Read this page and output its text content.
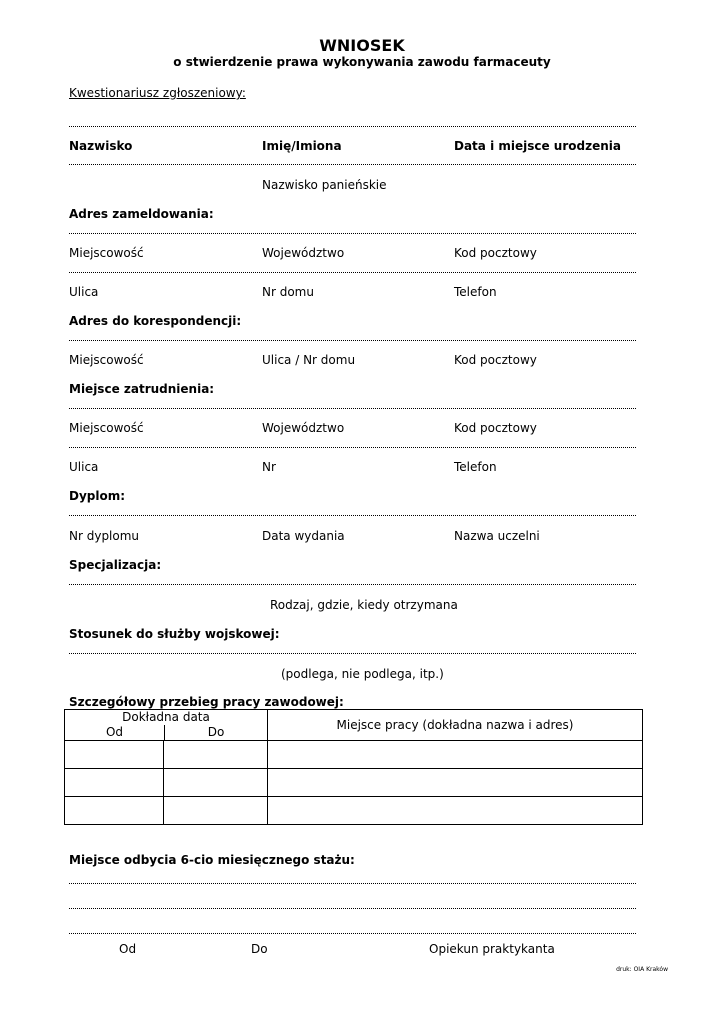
WNIOSEK
o stwierdzenie prawa wykonywania zawodu farmaceuty
Kwestionariusz zgłoszeniowy:
Nazwisko	Imię/Imiona	Data i miejsce urodzenia
Nazwisko panieńskie
Adres zameldowania:
Miejscowość	Województwo	Kod pocztowy
Ulica	Nr domu	Telefon
Adres do korespondencji:
Miejscowość	Ulica / Nr domu	Kod pocztowy
Miejsce zatrudnienia:
Miejscowość	Województwo	Kod pocztowy
Ulica	Nr	Telefon
Dyplom:
Nr dyplomu	Data wydania	Nazwa uczelni
Specjalizacja:
Rodzaj, gdzie, kiedy otrzymana
Stosunek do służby wojskowej:
(podlega, nie podlega, itp.)
Szczegółowy przebieg pracy zawodowej:
Dokładna data
Od	Do	Miejsce pracy (dokładna nazwa i adres)

Miejsce odbycia 6-cio miesięcznego stażu:
Od	Do	Opiekun praktykanta
druk: OIA Kraków
